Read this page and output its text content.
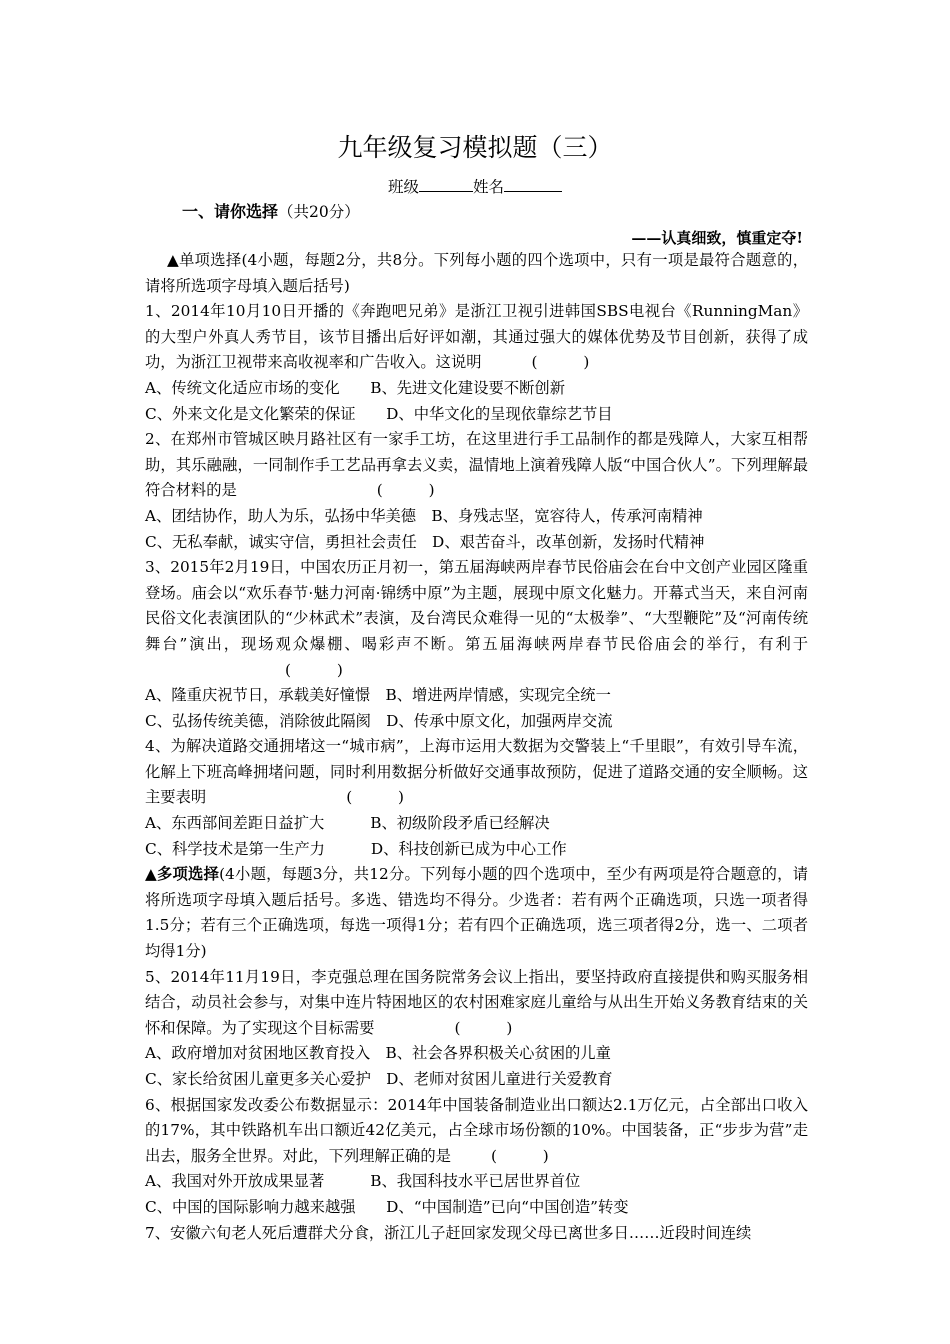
九年级复习模拟题（三）
班级	姓名
一、请你选择（共20分）
——认真细致，慎重定夺!

▲单项选择(4小题，每题2分，共8分。下列每小题的四个选项中，只有一项是最符合题意的，请将所选项字母填入题后括号)

1、2014年10月10日开播的《奔跑吧兄弟》是浙江卫视引进韩国SBS电视台《RunningMan》的大型户外真人秀节目，该节目播出后好评如潮，其通过强大的媒体优势及节目创新，获得了成功，为浙江卫视带来高收视率和广告收入。这说明	(　　　)

A、传统文化适应市场的变化　　B、先进文化建设要不断创新

C、外来文化是文化繁荣的保证　　D、中华文化的呈现依靠综艺节目

2、在郑州市管城区映月路社区有一家手工坊，在这里进行手工品制作的都是残障人，大家互相帮助，其乐融融，一同制作手工艺品再拿去义卖，温情地上演着残障人版“中国合伙人”。下列理解最符合材料的是	(　　　)

A、团结协作，助人为乐，弘扬中华美德　B、身残志坚，宽容待人，传承河南精神

C、无私奉献，诚实守信，勇担社会责任　D、艰苦奋斗，改革创新，发扬时代精神

3、2015年2月19日，中国农历正月初一，第五届海峡两岸春节民俗庙会在台中文创产业园区隆重登场。庙会以“欢乐春节·魅力河南·锦绣中原”为主题，展现中原文化魅力。开幕式当天，来自河南民俗文化表演团队的“少林武术”表演，及台湾民众难得一见的“太极拳”、“大型鞭陀”及“河南传统舞台”演出，现场观众爆棚、喝彩声不断。第五届海峡两岸春节民俗庙会的举行，有利于(　　　)

A、隆重庆祝节日，承载美好憧憬　B、增进两岸情感，实现完全统一

C、弘扬传统美德，消除彼此隔阂　D、传承中原文化，加强两岸交流

4、为解决道路交通拥堵这一“城市病”，上海市运用大数据为交警装上“千里眼”，有效引导车流，化解上下班高峰拥堵问题，同时利用数据分析做好交通事故预防，促进了道路交通的安全顺畅。这主要表明	(　　　)

A、东西部间差距日益扩大　　　B、初级阶段矛盾已经解决

C、科学技术是第一生产力　　　D、科技创新已成为中心工作

▲多项选择(4小题，每题3分，共12分。下列每小题的四个选项中，至少有两项是符合题意的，请将所选项字母填入题后括号。多选、错选均不得分。少选者：若有两个正确选项，只选一项者得1.5分；若有三个正确选项，每选一项得1分；若有四个正确选项，选三项者得2分，选一、二项者均得1分)

5、2014年11月19日，李克强总理在国务院常务会议上指出，要坚持政府直接提供和购买服务相结合，动员社会参与，对集中连片特困地区的农村困难家庭儿童给与从出生开始义务教育结束的关怀和保障。为了实现这个目标需要	(　　　)

A、政府增加对贫困地区教育投入　B、社会各界积极关心贫困的儿童

C、家长给贫困儿童更多关心爱护　D、老师对贫困儿童进行关爱教育

6、根据国家发改委公布数据显示：2014年中国装备制造业出口额达2.1万亿元，占全部出口收入的17%，其中铁路机车出口额近42亿美元，占全球市场份额的10%。中国装备，正“步步为营”走出去，服务全世界。对此，下列理解正确的是	(　　　)

A、我国对外开放成果显著　　　B、我国科技水平已居世界首位

C、中国的国际影响力越来越强　　D、“中国制造”已向“中国创造”转变

7、安徽六旬老人死后遭群犬分食，浙江儿子赶回家发现父母已离世多日……近段时间连续
